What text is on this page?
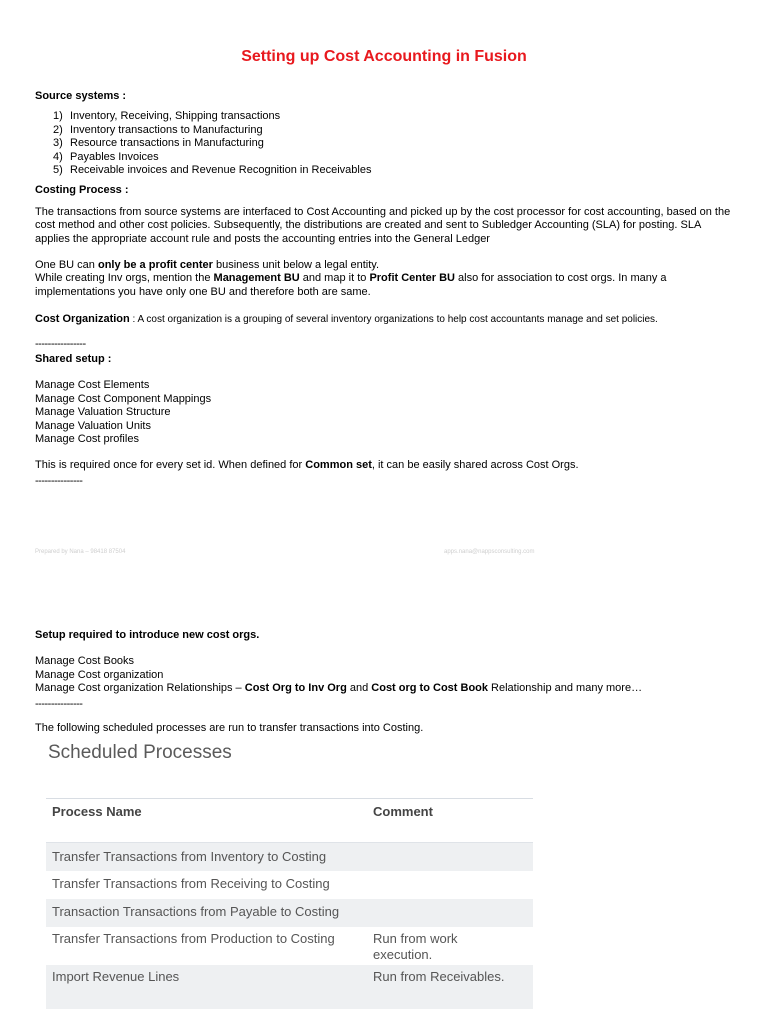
Setting up Cost Accounting in Fusion
Source systems :
1) Inventory, Receiving, Shipping transactions
2) Inventory transactions to Manufacturing
3) Resource transactions in Manufacturing
4) Payables Invoices
5) Receivable invoices and Revenue Recognition in Receivables
Costing Process :
The transactions from source systems are interfaced to Cost Accounting and picked up by the cost processor for cost accounting, based on the cost method and other cost policies. Subsequently, the distributions are created and sent to Subledger Accounting (SLA) for posting. SLA applies the appropriate account rule and posts the accounting entries into the General Ledger
One BU can only be a profit center business unit below a legal entity.
While creating Inv orgs, mention the Management BU and map it to Profit Center BU also for association to cost orgs. In many a implementations you have only one BU and therefore both are same.
Cost Organization : A cost organization is a grouping of several inventory organizations to help cost accountants manage and set policies.
----------------
Shared setup :
Manage Cost Elements
Manage Cost Component Mappings
Manage Valuation Structure
Manage Valuation Units
Manage Cost profiles
This is required once for every set id. When defined for Common set, it can be easily shared across Cost Orgs.
---------------
Prepared by Nana – 98418 87504	apps.nana@nappsconsulting.com
Setup required to introduce new cost orgs.
Manage Cost Books
Manage Cost organization
Manage Cost organization Relationships – Cost Org to Inv Org and Cost org to Cost Book Relationship and many more…
---------------
The following scheduled processes are run to transfer transactions into Costing.
Scheduled Processes
Process Name	Comment
Transfer Transactions from Inventory to Costing
Transfer Transactions from Receiving to Costing
Transaction Transactions from Payable to Costing
Transfer Transactions from Production to Costing	Run from work execution.
Import Revenue Lines	Run from Receivables.
